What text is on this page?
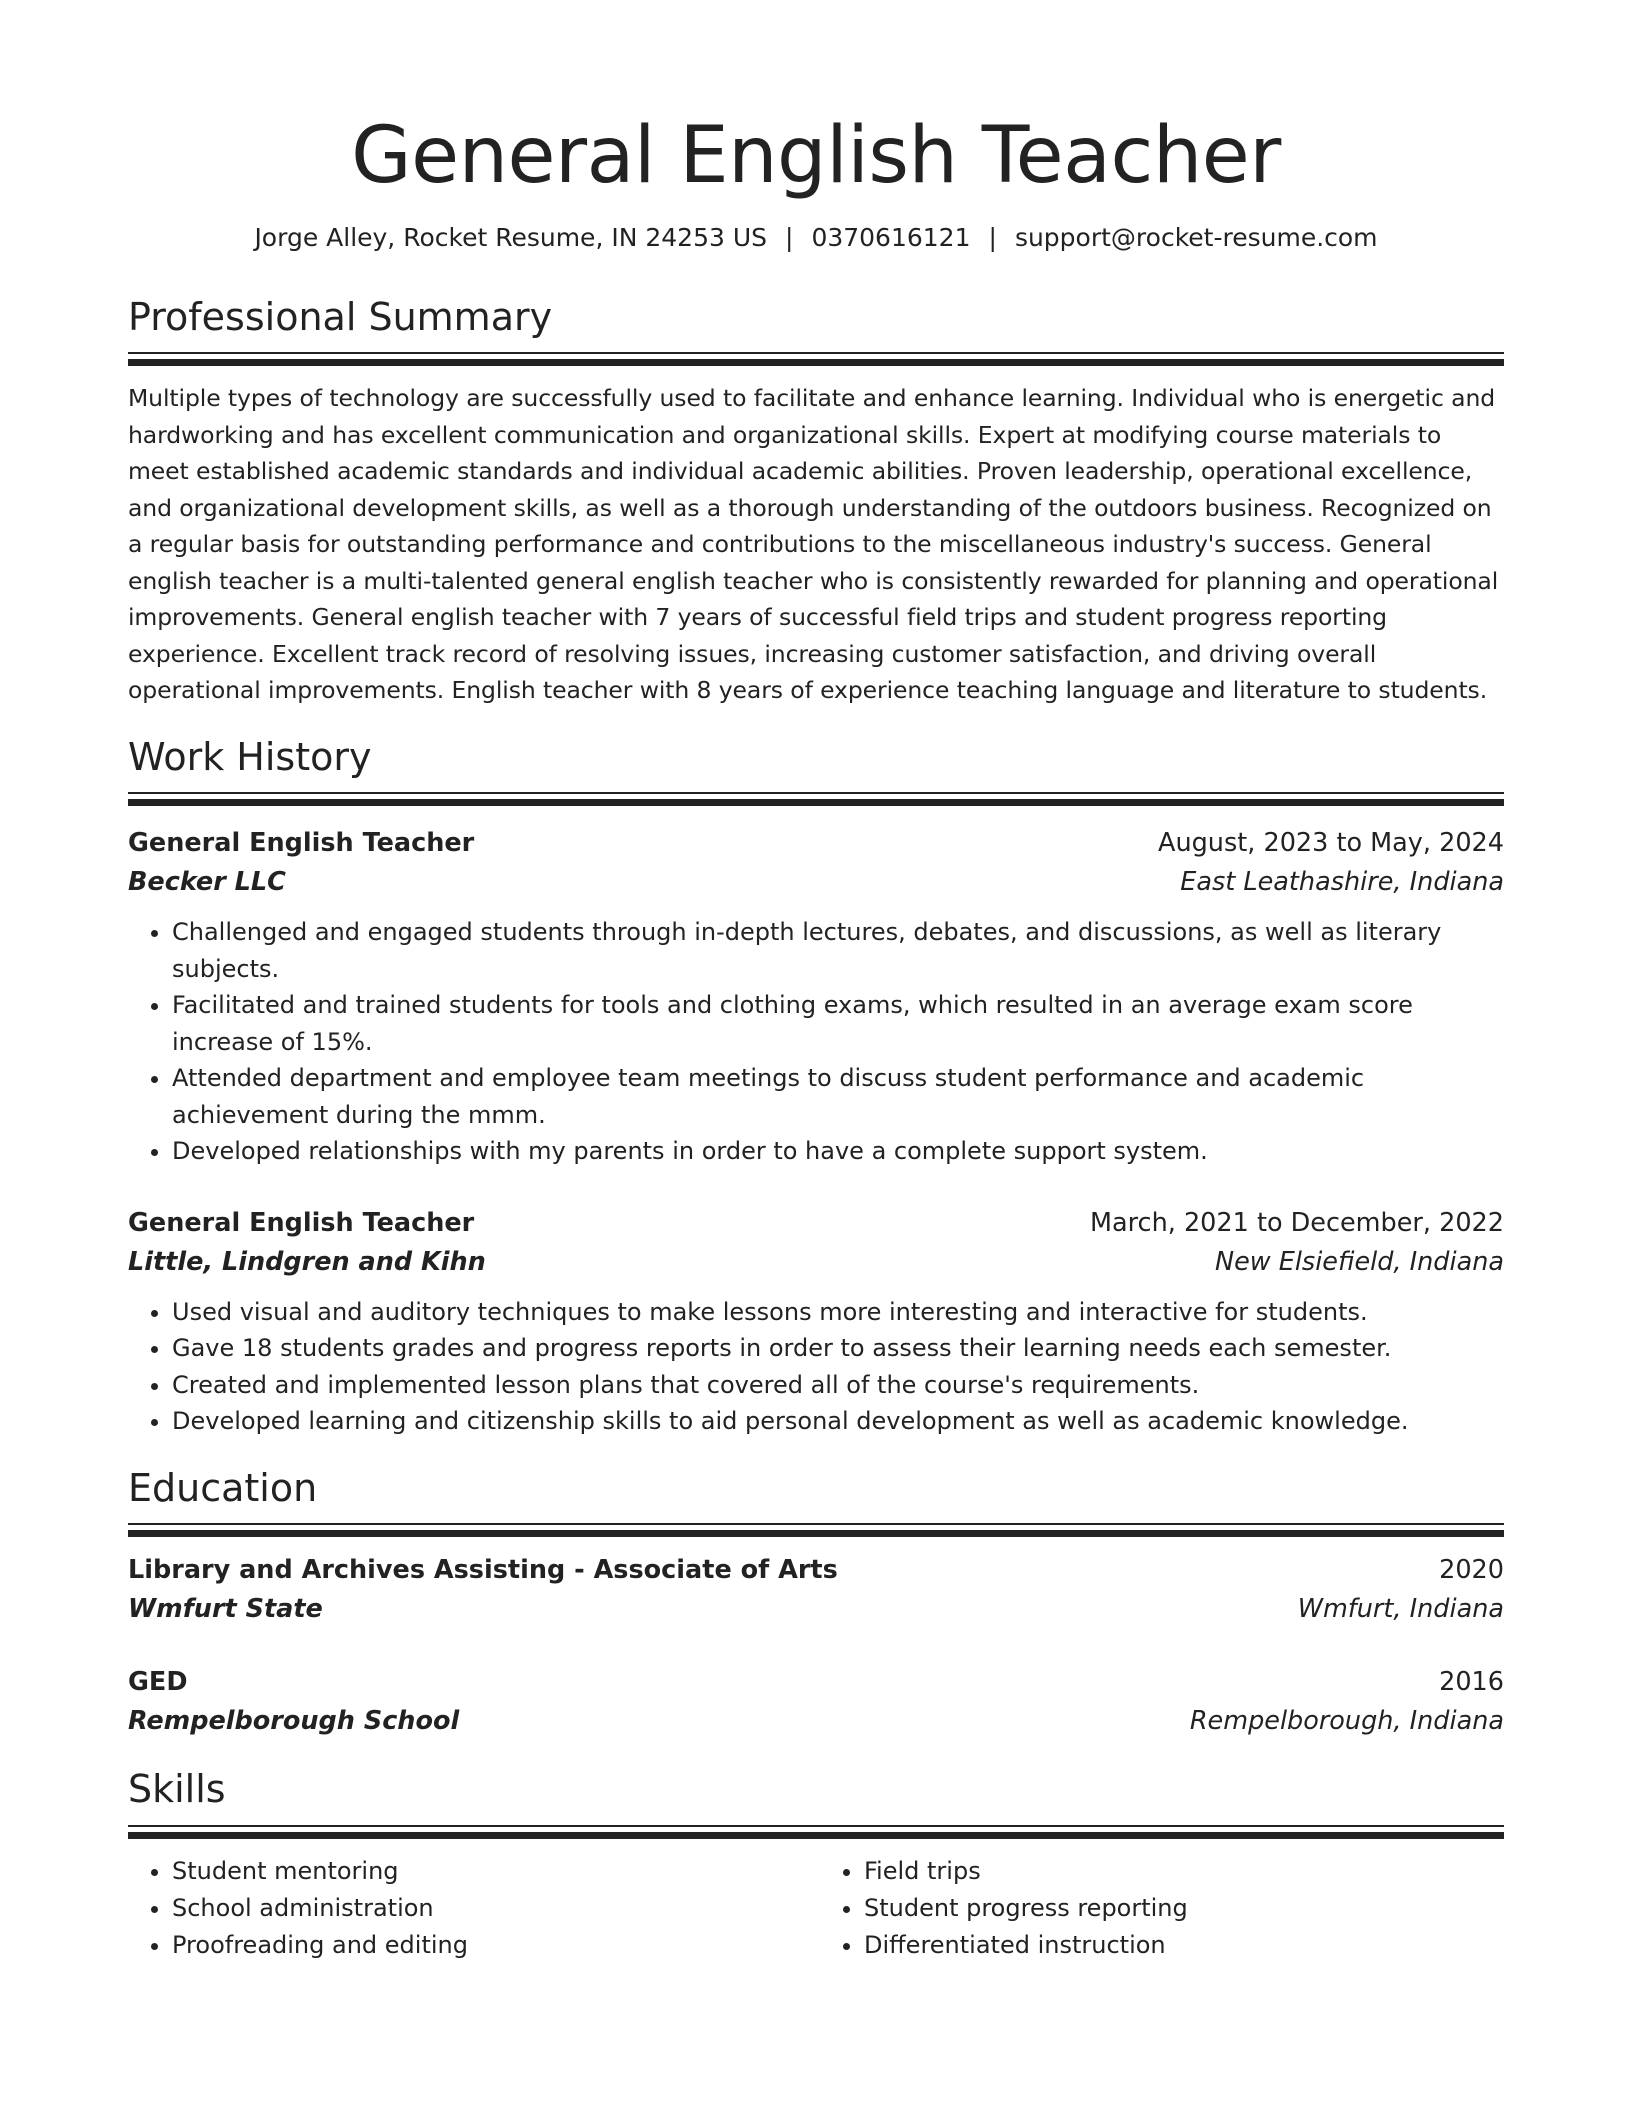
General English Teacher
Jorge Alley, Rocket Resume, IN 24253 US | 0370616121 | support@rocket-resume.com
Professional Summary
Multiple types of technology are successfully used to facilitate and enhance learning. Individual who is energetic and hardworking and has excellent communication and organizational skills. Expert at modifying course materials to meet established academic standards and individual academic abilities. Proven leadership, operational excellence, and organizational development skills, as well as a thorough understanding of the outdoors business. Recognized on a regular basis for outstanding performance and contributions to the miscellaneous industry's success. General english teacher is a multi-talented general english teacher who is consistently rewarded for planning and operational improvements. General english teacher with 7 years of successful field trips and student progress reporting experience. Excellent track record of resolving issues, increasing customer satisfaction, and driving overall operational improvements. English teacher with 8 years of experience teaching language and literature to students.
Work History
General English Teacher	August, 2023 to May, 2024
Becker LLC	East Leathashire, Indiana
• Challenged and engaged students through in-depth lectures, debates, and discussions, as well as literary subjects.
• Facilitated and trained students for tools and clothing exams, which resulted in an average exam score increase of 15%.
• Attended department and employee team meetings to discuss student performance and academic achievement during the mmm.
• Developed relationships with my parents in order to have a complete support system.
General English Teacher	March, 2021 to December, 2022
Little, Lindgren and Kihn	New Elsiefield, Indiana
• Used visual and auditory techniques to make lessons more interesting and interactive for students.
• Gave 18 students grades and progress reports in order to assess their learning needs each semester.
• Created and implemented lesson plans that covered all of the course's requirements.
• Developed learning and citizenship skills to aid personal development as well as academic knowledge.
Education
Library and Archives Assisting - Associate of Arts	2020
Wmfurt State	Wmfurt, Indiana
GED	2016
Rempelborough School	Rempelborough, Indiana
Skills
• Student mentoring
• School administration
• Proofreading and editing
• Field trips
• Student progress reporting
• Differentiated instruction
